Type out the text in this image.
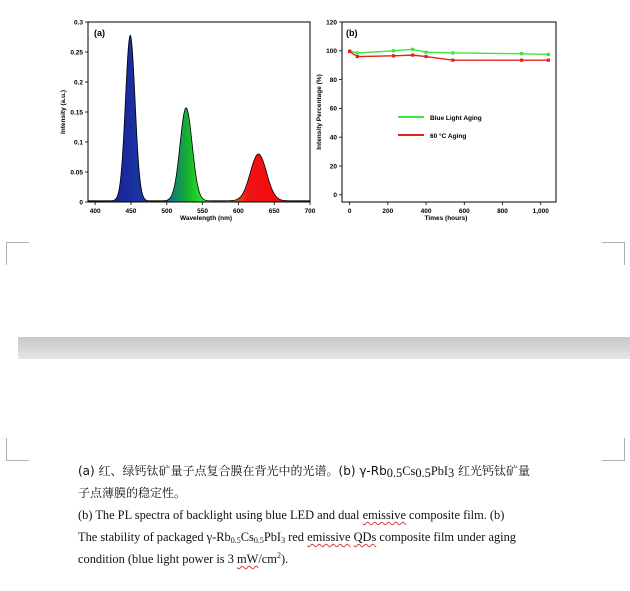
400	450	500	550	600	650	700
0
0.05
0.1
0.15
0.2
0.25
0.3
(a)
Wavelength (nm)
Intensity (a.u.)
0	200	400	600	800	1,000
0
20
40
60
80
100
120
(b)
Times (hours)
Intensity Percentage (%)	Blue Light Aging
60 °C Aging
(a) 红、绿钙钛矿量子点复合膜在背光中的光谱。(b) $\gamma-Rb_{0.5}Cs_{0.5}PbI_3$ 红光钙钛矿量
子点薄膜的稳定性。
(b) The PL spectra of backlight using blue LED and dual emissive composite film. (b)
The stability of packaged $\gamma-Rb_{0.5}Cs_{0.5}PbI_3$ red emissive QDs composite film under aging
condition (blue light power is 3 $mW/cm^2$).
